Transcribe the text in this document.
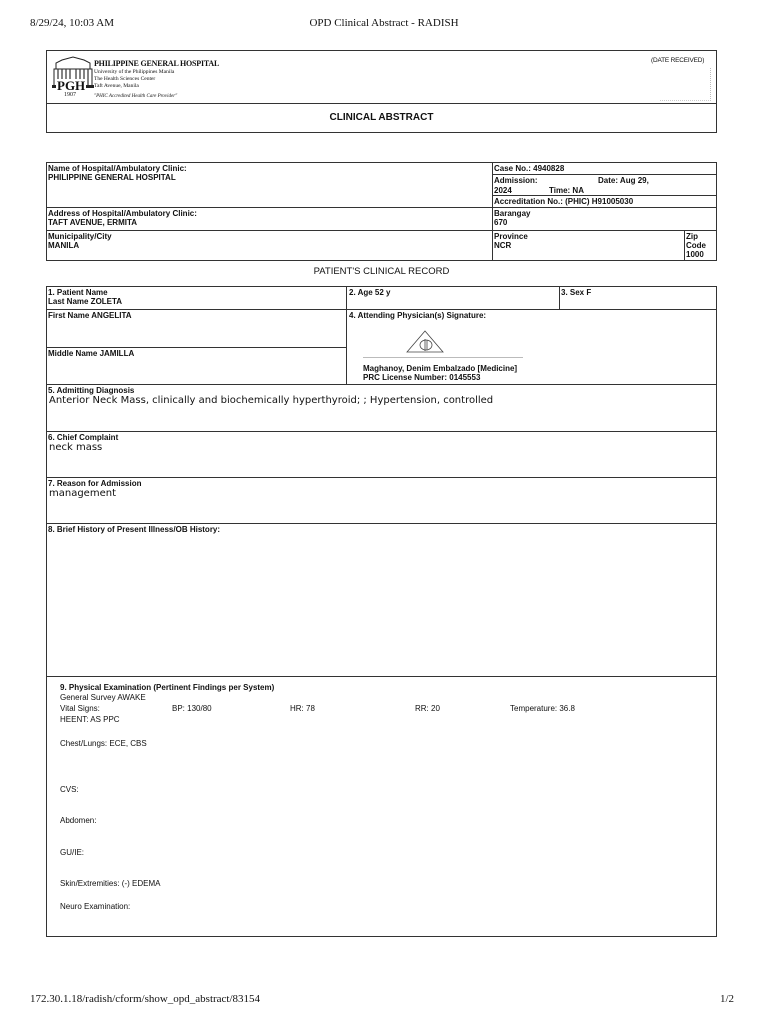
8/29/24, 10:03 AM	OPD Clinical Abstract - RADISH
PGH
1907
PHILIPPINE GENERAL HOSPITAL
University of the Philippines Manila
The Health Sciences Center
Taft Avenue, Manila
"PHIC Accredited Health Care Provider"
(DATE RECEIVED)
CLINICAL ABSTRACT
Name of Hospital/Ambulatory Clinic:
PHILIPPINE GENERAL HOSPITAL
Case No.: 4940828
Admission:	Date: Aug 29,
2024	Time: NA
Accreditation No.: (PHIC) H91005030
Address of Hospital/Ambulatory Clinic:
TAFT AVENUE, ERMITA
Barangay
670
Municipality/City
MANILA
Province
NCR
Zip
Code
1000
PATIENT'S CLINICAL RECORD
1. Patient Name
Last Name ZOLETA
2. Age 52 y	3. Sex F
First Name ANGELITA	4. Attending Physician(s) Signature:
Middle Name JAMILLA
Maghanoy, Denim Embalzado [Medicine]
PRC License Number: 0145553
5. Admitting Diagnosis
Anterior Neck Mass, clinically and biochemically hyperthyroid; ; Hypertension, controlled
6. Chief Complaint
neck mass
7. Reason for Admission
management
8. Brief History of Present Illness/OB History:
9. Physical Examination (Pertinent Findings per System)
General Survey AWAKE
Vital Signs:	BP: 130/80	HR: 78	RR: 20	Temperature: 36.8
HEENT: AS PPC
Chest/Lungs: ECE, CBS
CVS:
Abdomen:
GU/IE:
Skin/Extremities: (-) EDEMA
Neuro Examination:
172.30.1.18/radish/cform/show_opd_abstract/83154	1/2
